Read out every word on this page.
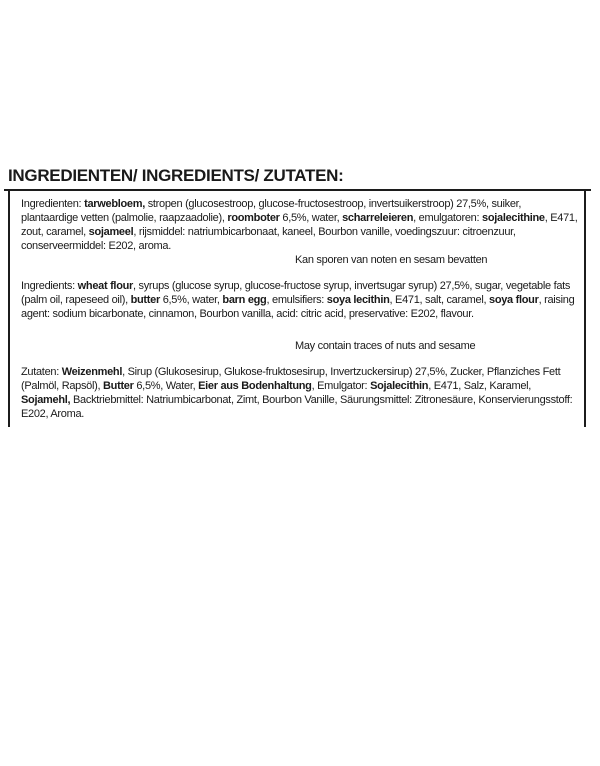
INGREDIENTEN/ INGREDIENTS/ ZUTATEN:

Ingredienten: tarwebloem, stropen (glucosestroop, glucose-fructosestroop, invertsuikerstroop) 27,5%, suiker, plantaardige vetten (palmolie, raapzaadolie), roomboter 6,5%, water, scharreleieren, emulgatoren: sojalecithine, E471, zout, caramel, sojameel, rijsmiddel: natriumbicarbonaat, kaneel, Bourbon vanille, voedingszuur: citroenzuur, conserveermiddel: E202, aroma.

Kan sporen van noten en sesam bevatten

Ingredients: wheat flour, syrups (glucose syrup, glucose-fructose syrup, invertsugar syrup) 27,5%, sugar, vegetable fats (palm oil, rapeseed oil), butter 6,5%, water, barn egg, emulsifiers: soya lecithin, E471, salt, caramel, soya flour, raising agent: sodium bicarbonate, cinnamon, Bourbon vanilla, acid: citric acid, preservative: E202, flavour.

May contain traces of nuts and sesame

Zutaten: Weizenmehl, Sirup (Glukosesirup, Glukose-fruktosesirup, Invertzuckersirup) 27,5%, Zucker, Pflanziches Fett (Palmöl, Rapsöl), Butter 6,5%, Water, Eier aus Bodenhaltung, Emulgator: Sojalecithin, E471, Salz, Karamel, Sojamehl, Backtriebmittel: Natriumbicarbonat, Zimt, Bourbon Vanille, Säurungsmittel: Zitronesäure, Konservierungsstoff: E202, Aroma.
